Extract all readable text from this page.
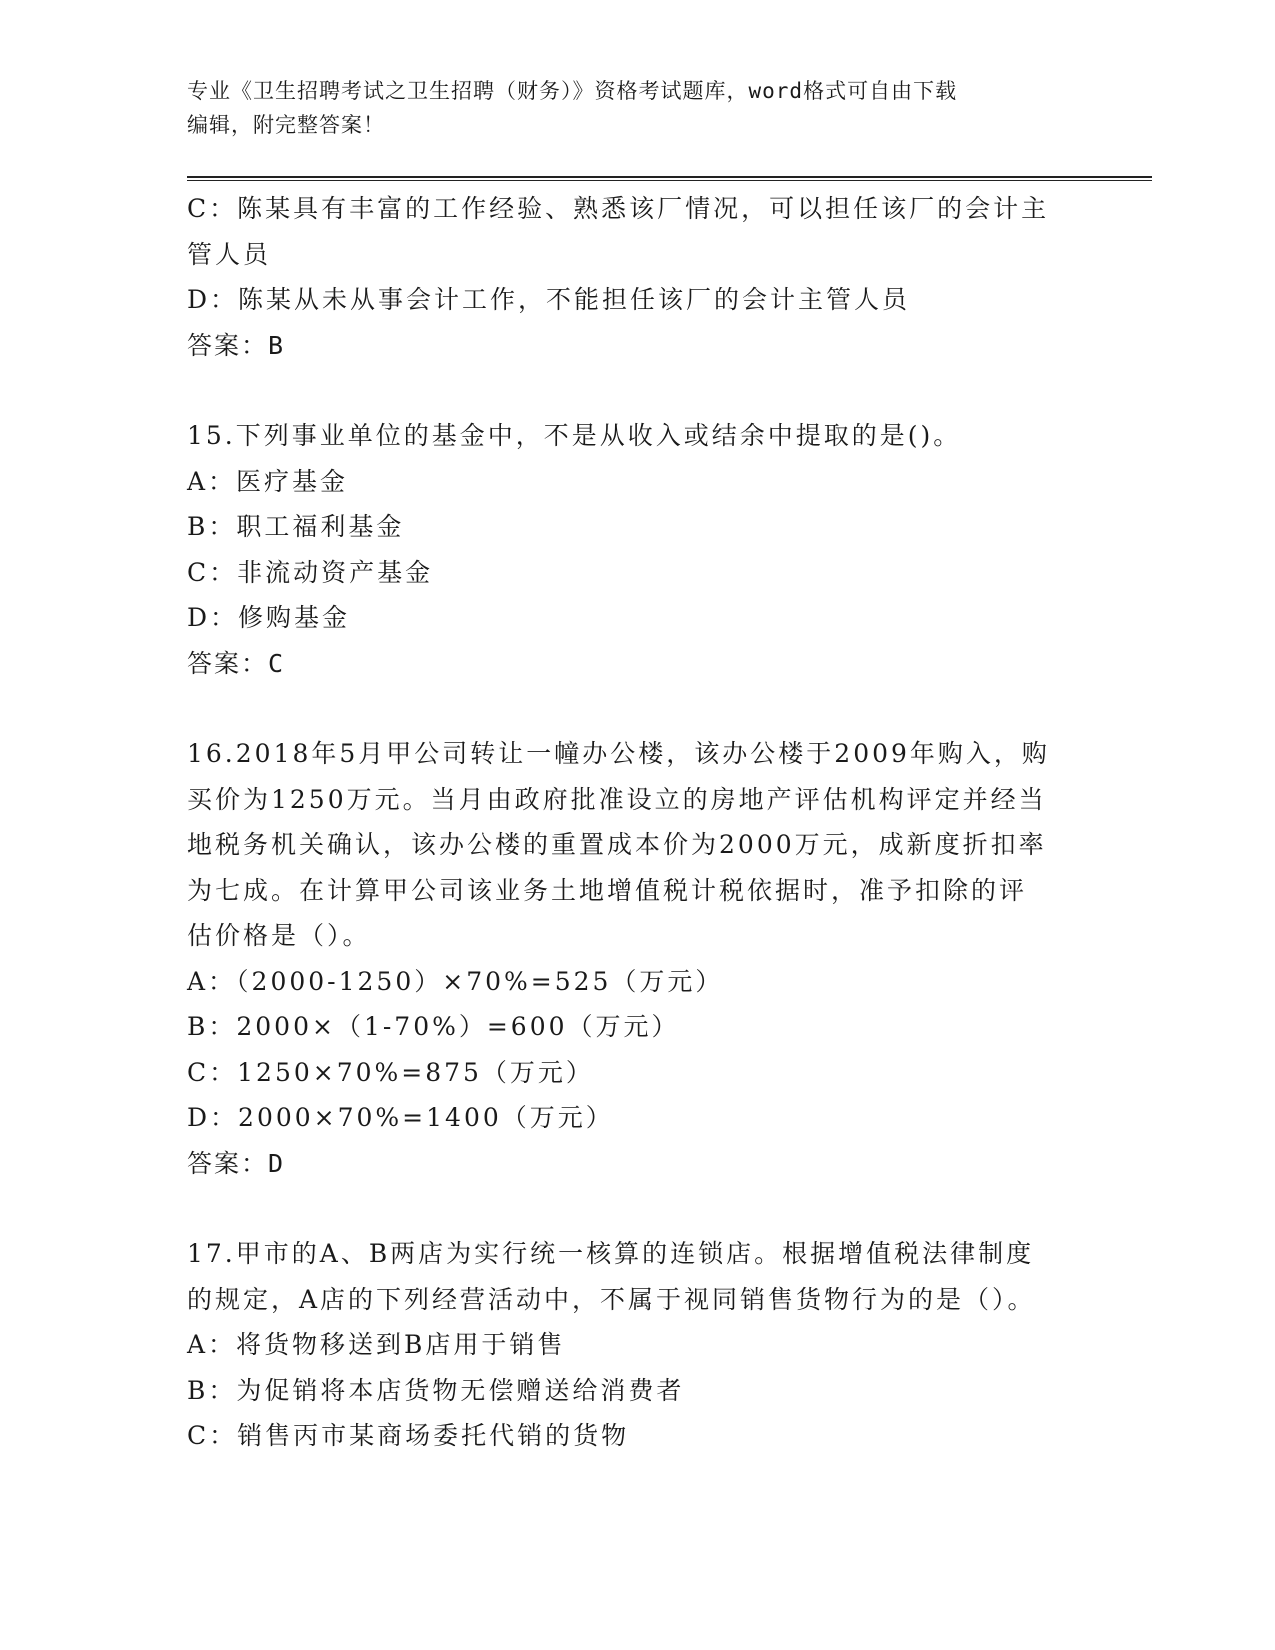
专业《卫生招聘考试之卫生招聘（财务）》资格考试题库，word格式可自由下载
编辑，附完整答案！

C：陈某具有丰富的工作经验、熟悉该厂情况，可以担任该厂的会计主

管人员

D：陈某从未从事会计工作，不能担任该厂的会计主管人员

答案：B

15.下列事业单位的基金中，不是从收入或结余中提取的是()。

A：医疗基金

B：职工福利基金

C：非流动资产基金

D：修购基金

答案：C

16.2018年5月甲公司转让一幢办公楼，该办公楼于2009年购入，购

买价为1250万元。当月由政府批准设立的房地产评估机构评定并经当

地税务机关确认，该办公楼的重置成本价为2000万元，成新度折扣率

为七成。在计算甲公司该业务土地增值税计税依据时，准予扣除的评

估价格是（）。

A：（2000-1250）×70%=525（万元）

B：2000×（1-70%）=600（万元）

C：1250×70%=875（万元）

D：2000×70%=1400（万元）

答案：D

17.甲市的A、B两店为实行统一核算的连锁店。根据增值税法律制度

的规定，A店的下列经营活动中，不属于视同销售货物行为的是（）。

A：将货物移送到B店用于销售

B：为促销将本店货物无偿赠送给消费者

C：销售丙市某商场委托代销的货物
